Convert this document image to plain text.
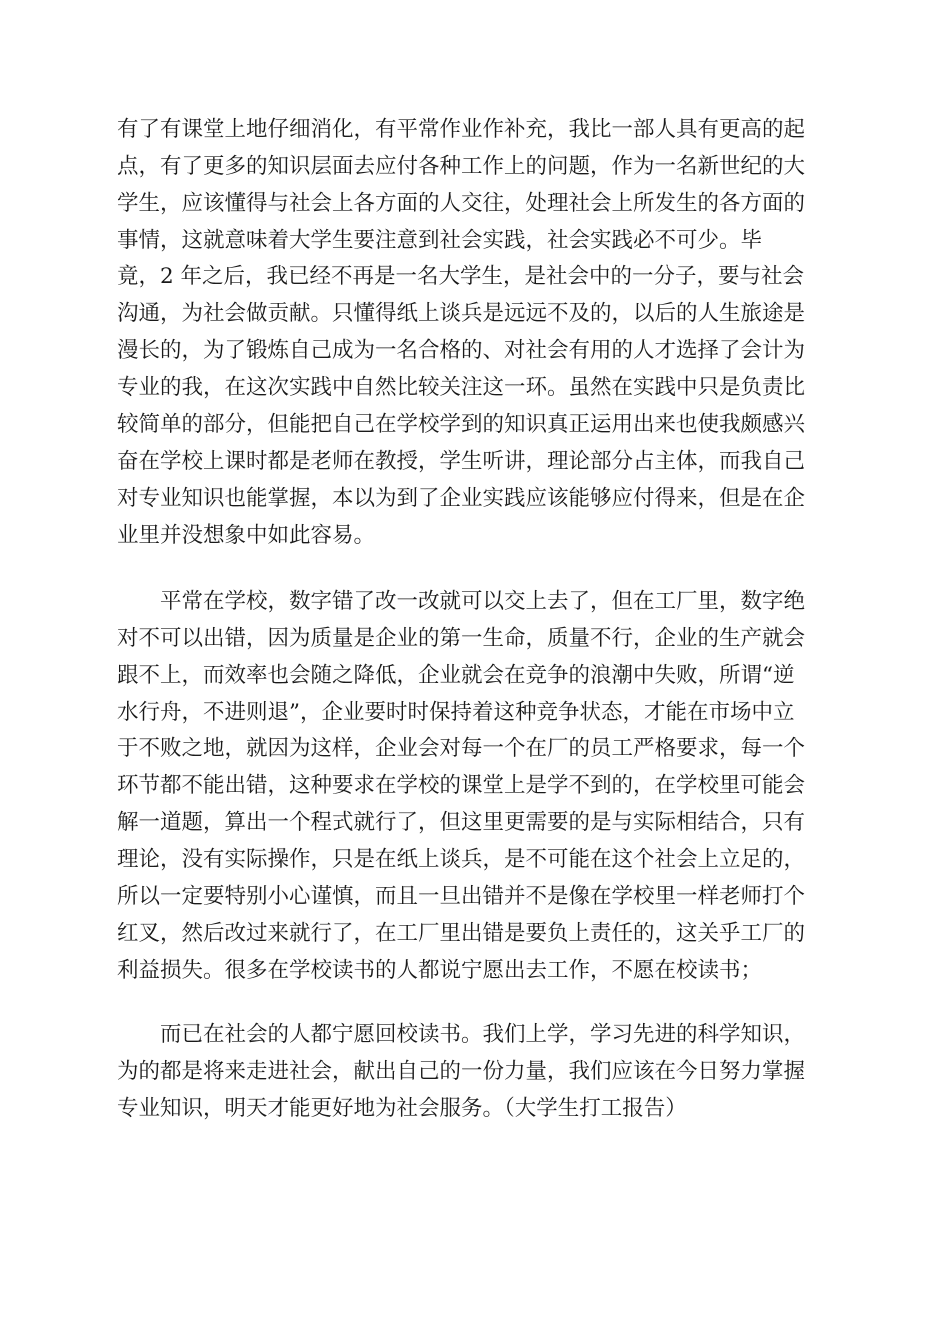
有了有课堂上地仔细消化，有平常作业作补充，我比一部人具有更高的起
点，有了更多的知识层面去应付各种工作上的问题，作为一名新世纪的大
学生，应该懂得与社会上各方面的人交往，处理社会上所发生的各方面的
事情，这就意味着大学生要注意到社会实践，社会实践必不可少。毕
竟，2 年之后，我已经不再是一名大学生，是社会中的一分子，要与社会
沟通，为社会做贡献。只懂得纸上谈兵是远远不及的，以后的人生旅途是
漫长的，为了锻炼自己成为一名合格的、对社会有用的人才选择了会计为
专业的我，在这次实践中自然比较关注这一环。虽然在实践中只是负责比
较简单的部分，但能把自己在学校学到的知识真正运用出来也使我颇感兴
奋在学校上课时都是老师在教授，学生听讲，理论部分占主体，而我自己
对专业知识也能掌握，本以为到了企业实践应该能够应付得来，但是在企
业里并没想象中如此容易。
平常在学校，数字错了改一改就可以交上去了，但在工厂里，数字绝
对不可以出错，因为质量是企业的第一生命，质量不行，企业的生产就会
跟不上，而效率也会随之降低，企业就会在竞争的浪潮中失败，所谓“逆
水行舟，不进则退”，企业要时时保持着这种竞争状态，才能在市场中立
于不败之地，就因为这样，企业会对每一个在厂的员工严格要求，每一个
环节都不能出错，这种要求在学校的课堂上是学不到的，在学校里可能会
解一道题，算出一个程式就行了，但这里更需要的是与实际相结合，只有
理论，没有实际操作，只是在纸上谈兵，是不可能在这个社会上立足的，
所以一定要特别小心谨慎，而且一旦出错并不是像在学校里一样老师打个
红叉，然后改过来就行了，在工厂里出错是要负上责任的，这关乎工厂的
利益损失。很多在学校读书的人都说宁愿出去工作，不愿在校读书；
而已在社会的人都宁愿回校读书。我们上学，学习先进的科学知识，
为的都是将来走进社会，献出自己的一份力量，我们应该在今日努力掌握
专业知识，明天才能更好地为社会服务。（大学生打工报告）
